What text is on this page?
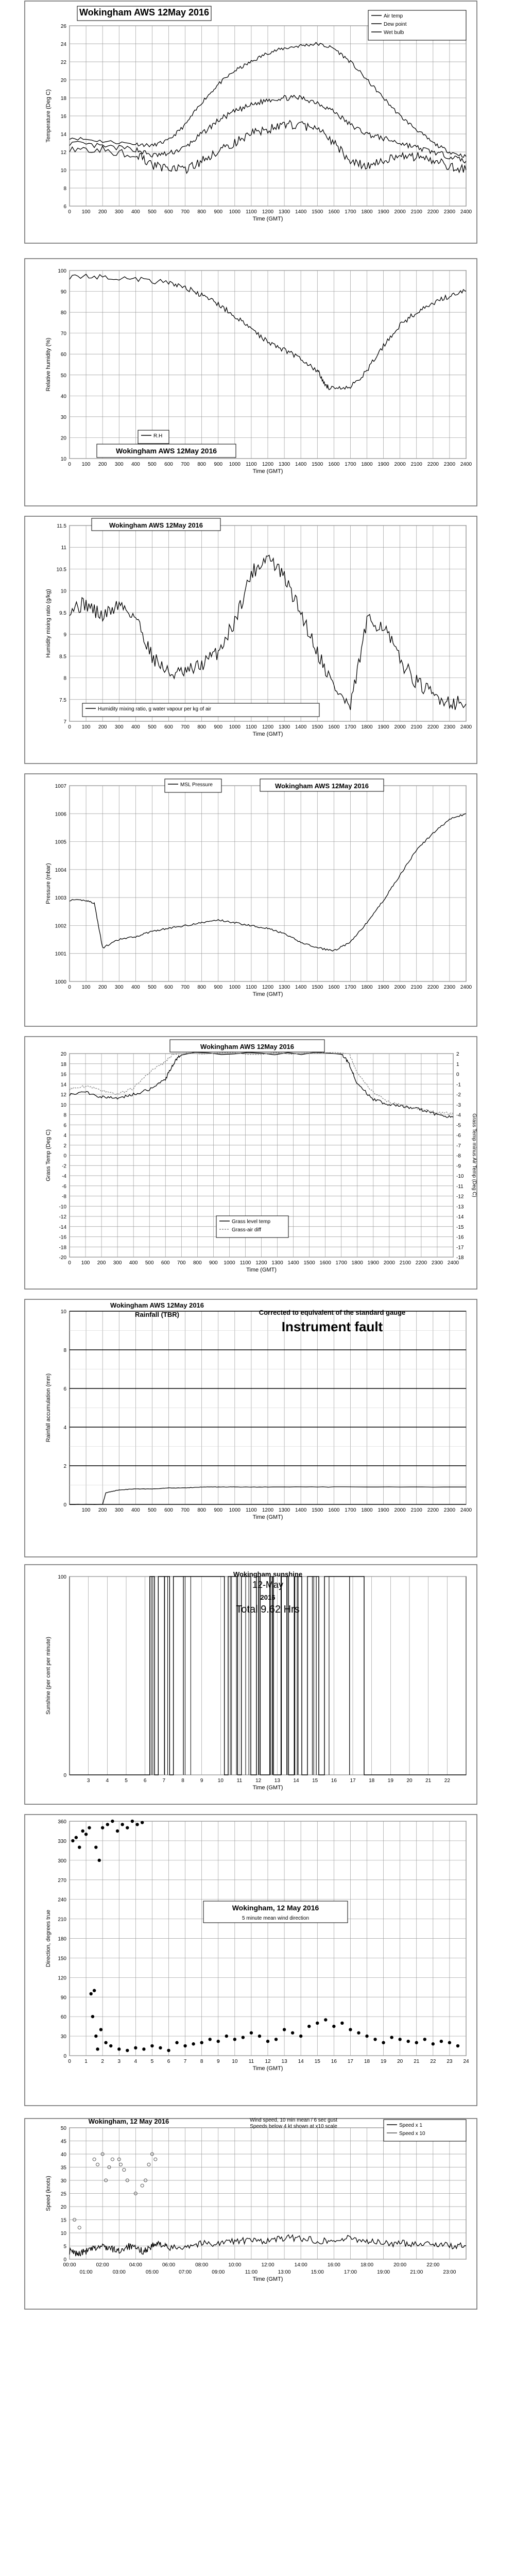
0 100 200 300 400 500 600 700 800 900 1000 1100 1200 1300 1400 1500 1600 1700 1800 1900 2000 2100 2200 2300 2400
6
8
10
12
14
16
18
20
22
24
26
Time (GMT)
Temperature (Deg C)
Wokingham AWS 12May 2016	Air temp
Dew point
Wet bulb
0 100 200 300 400 500 600 700 800 900 1000 1100 1200 1300 1400 1500 1600 1700 1800 1900 2000 2100 2200 2300 2400
10
20
30
40
50
60
70
80
90
100
Time (GMT)
Relative humidity (%)
R.H
Wokingham AWS 12May 2016
0 100 200 300 400 500 600 700 800 900 1000 1100 1200 1300 1400 1500 1600 1700 1800 1900 2000 2100 2200 2300 2400
7
7.5
8
8.5
9
9.5
10
10.5
11
11.5
Time (GMT)
Humidity mixing ratio (g/kg)
Wokingham AWS 12May 2016
Humidity mixing ratio, g water vapour per kg of air
0 100 200 300 400 500 600 700 800 900 1000 1100 1200 1300 1400 1500 1600 1700 1800 1900 2000 2100 2200 2300 2400
1000
1001
1002
1003
1004
1005
1006
1007
Time (GMT)
Pressure (mbar)
MSL Pressure	Wokingham AWS 12May 2016
0 100 200 300 400 500 600 700 800 900 1000 1100 1200 1300 1400 1500 1600 1700 1800 1900 2000 2100 2200 2300 2400
-20
-18
-16
-14
-12
-10
-8
-6
-4
-2
0
2
4
6
8
10
12
14
16
18
20
-18
-17
-16
-15
-14
-13
-12
-11
-10
-9
-8
-7
-6
-5
-4
-3
-2
-1
0
1
2
Grass Temp minus Air Temp (Deg C)
Time (GMT)
Grass Temp (Deg C)
Wokingham AWS 12May 2016
Grass level temp
Grass-air diff
100 200 300 400 500 600 700 800 900 1000 1100 1200 1300 1400 1500 1600 1700 1800 1900 2000 2100 2200 2300 2400
0
2
4
6
8
10
Time (GMT)
Rainfall accumulation (mm)
Wokingham AWS 12May 2016
Rainfall (TBR)	Corrected to equivalent of the standard gauge
Instrument fault
3	4	5	6	7	8	9	10	11	12	13	14	15	16	17	18	19	20	21	22
0
100
Time (GMT)
Sunshine (per cent per minute)
Wokingham sunshine
12-May
2016
Total 9.62 Hrs
0	1	2	3	4	5	6	7	8	9 10 11 12 13 14 15 16 17 18 19 20 21 22 23 24
0
30
60
90
120
150
180
210
240
270
300
330
360
Time (GMT)
Direction, degrees true
Wokingham, 12 May 2016
5 minute mean wind direction
0
5
10
15
20
25
30
35
40
45
50
00:00	02:00	04:00	06:00	08:00	10:00	12:00	14:00	16:00	18:00	20:00	22:00
01:00	03:00	05:00	07:00	09:00	11:00	13:00	15:00	17:00	19:00	21:00	23:00
Time (GMT)
Speed (knots)
Wokingham, 12 May 2016	Wind speed, 10 min mean / 6 sec gust
Speeds below 4 kt shown at x10 scale	Speed x 1
Speed x 10
